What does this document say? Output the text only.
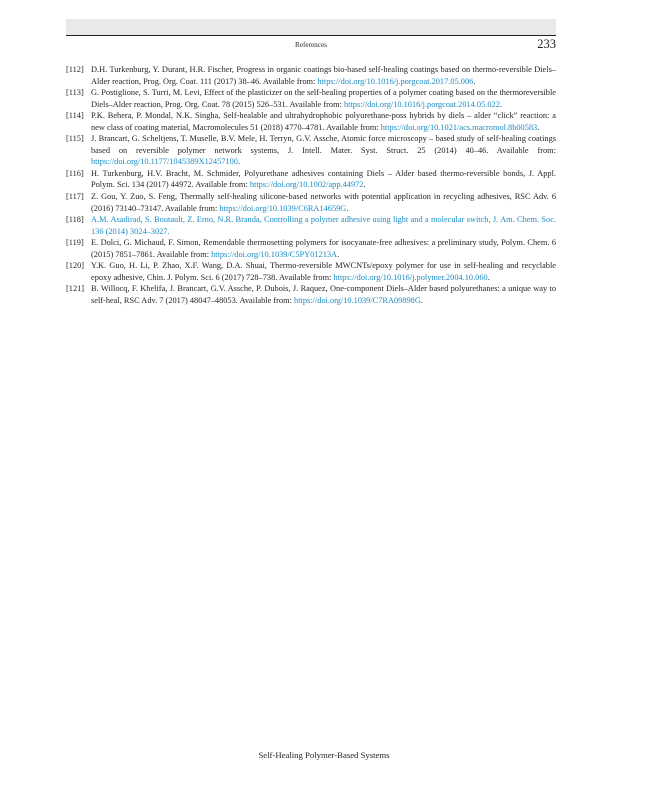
References	233
[112] D.H. Turkenburg, Y. Durant, H.R. Fischer, Progress in organic coatings bio-based self-healing coatings based on thermo-reversible Diels–Alder reaction, Prog. Org. Coat. 111 (2017) 38–46. Available from: https://doi.org/10.1016/j.porgcoat.2017.05.006.
[113] G. Postiglione, S. Turri, M. Levi, Effect of the plasticizer on the self-healing properties of a polymer coating based on the thermoreversible Diels–Alder reaction, Prog. Org. Coat. 78 (2015) 526–531. Available from: https://doi.org/10.1016/j.porgcoat.2014.05.022.
[114] P.K. Behera, P. Mondal, N.K. Singha, Self-healable and ultrahydrophobic polyurethane-poss hybrids by diels – alder “click” reaction: a new class of coating material, Macromolecules 51 (2018) 4770–4781. Available from: https://doi.org/10.1021/acs.macromol.8b00583.
[115] J. Brancart, G. Scheltjens, T. Muselle, B.V. Mele, H. Terryn, G.V. Assche, Atomic force microscopy – based study of self-healing coatings based on reversible polymer network systems, J. Intell. Mater. Syst. Struct. 25 (2014) 40–46. Available from: https://doi.org/10.1177/1045389X12457100.
[116] H. Turkenburg, H.V. Bracht, M. Schmider, Polyurethane adhesives containing Diels – Alder based thermo-reversible bonds, J. Appl. Polym. Sci. 134 (2017) 44972. Available from: https://doi.org/10.1002/app.44972.
[117] Z. Gou, Y. Zuo, S. Feng, Thermally self-healing silicone-based networks with potential application in recycling adhesives, RSC Adv. 6 (2016) 73140–73147. Available from: https://doi.org/10.1039/C6RA14659G.
[118] A.M. Asadirad, S. Boutault, Z. Erno, N.R. Branda, Controlling a polymer adhesive using light and a molecular switch, J. Am. Chem. Soc. 136 (2014) 3024–3027.
[119] E. Dolci, G. Michaud, F. Simon, Remendable thermosetting polymers for isocyanate-free adhesives: a preliminary study, Polym. Chem. 6 (2015) 7851–7861. Available from: https://doi.org/10.1039/C5PY01213A.
[120] Y.K. Guo, H. Li, P. Zhao, X.F. Wang, D.A. Shuai, Thermo-reversible MWCNTs/epoxy polymer for use in self-healing and recyclable epoxy adhesive, Chin. J. Polym. Sci. 6 (2017) 728–738. Available from: https://doi.org/10.1016/j.polymer.2004.10.060.
[121] B. Willocq, F. Khelifa, J. Brancart, G.V. Assche, P. Dubois, J. Raquez, One-component Diels–Alder based polyurethanes: a unique way to self-heal, RSC Adv. 7 (2017) 48047–48053. Available from: https://doi.org/10.1039/C7RA09898G.
Self-Healing Polymer-Based Systems
